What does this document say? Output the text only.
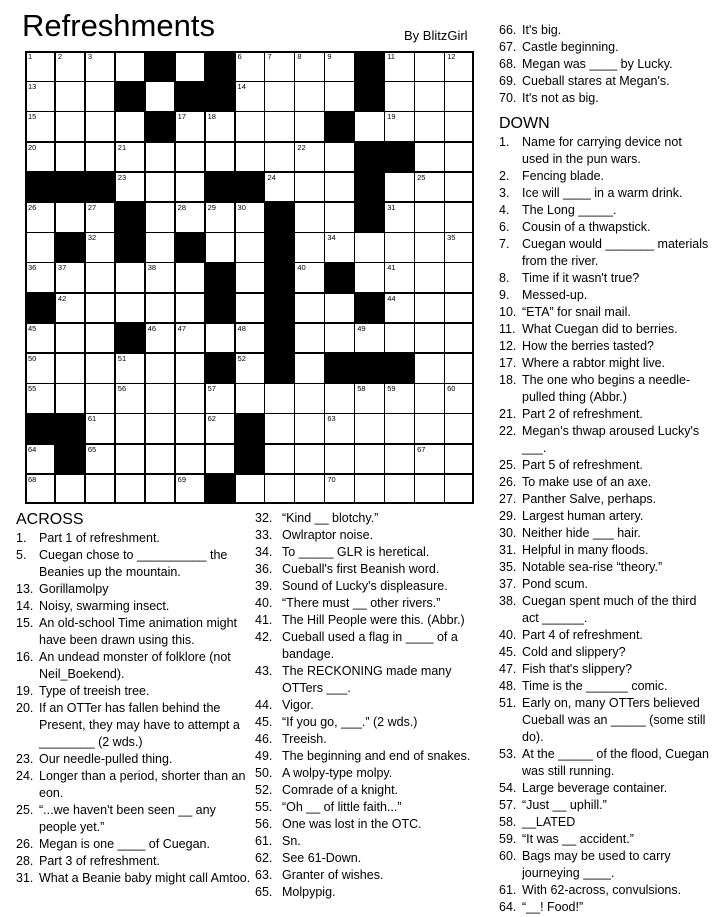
Refreshments	By BlitzGirl
1	2	3	4	5	6	7	8	9	10	11	12
13	14
15	16	17	18	19
20	21	22
23	24	25
26	27	28	29	30	31
32	33	34	35
36	37	38	39	40	41
42	43	44
45	46	47	48	49
50	51	52	53	54
55	56	57	58	59	60
61	62	63
64	65	66	67
68	69	70
ACROSS
1.	Part 1 of refreshment.
5.	Cuegan chose to __________ the Beanies up the mountain.
13. Gorillamolpy
14. Noisy, swarming insect.
15. An old-school Time animation might have been drawn using this.
16. An undead monster of folklore (not Neil_Boekend).
19. Type of treeish tree.
20. If an OTTer has fallen behind the Present, they may have to attempt a ________ (2 wds.)
23. Our needle-pulled thing.
24. Longer than a period, shorter than an eon.
25. “...we haven't been seen __ any people yet.”
26. Megan is one ____ of Cuegan.
28. Part 3 of refreshment.
31. What a Beanie baby might call Amtoo.
32. “Kind __ blotchy.”
33. Owlraptor noise.
34. To _____ GLR is heretical.
36. Cueball's first Beanish word.
39. Sound of Lucky's displeasure.
40. “There must __ other rivers.”
41. The Hill People were this. (Abbr.)
42. Cueball used a flag in ____ of a bandage.
43. The RECKONING made many OTTers ___.
44. Vigor.
45. “If you go, ___.” (2 wds.)
46. Treeish.
49. The beginning and end of snakes.
50. A wolpy-type molpy.
52. Comrade of a knight.
55. “Oh __ of little faith...”
56. One was lost in the OTC.
61. Sn.
62. See 61-Down.
63. Granter of wishes.
65. Molpypig.
66. It's big.
67. Castle beginning.
68. Megan was ____ by Lucky.
69. Cueball stares at Megan's.
70. It's not as big.
DOWN
1.	Name for carrying device not used in the pun wars.
2.	Fencing blade.
3.	Ice will ____ in a warm drink.
4.	The Long _____.
6.	Cousin of a thwapstick.
7.	Cuegan would _______ materials from the river.
8.	Time if it wasn't true?
9.	Messed-up.
10. “ETA” for snail mail.
11. What Cuegan did to berries.
12. How the berries tasted?
17. Where a rabtor might live.
18. The one who begins a needle-pulled thing (Abbr.)
21. Part 2 of refreshment.
22. Megan's thwap aroused Lucky's ___.
25. Part 5 of refreshment.
26. To make use of an axe.
27. Panther Salve, perhaps.
29. Largest human artery.
30. Neither hide ___ hair.
31. Helpful in many floods.
35. Notable sea-rise “theory.”
37. Pond scum.
38. Cuegan spent much of the third act ______.
40. Part 4 of refreshment.
45. Cold and slippery?
47. Fish that's slippery?
48. Time is the ______ comic.
51. Early on, many OTTers believed Cueball was an _____ (some still do).
53. At the _____ of the flood, Cuegan was still running.
54. Large beverage container.
57. “Just __ uphill.”
58. __LATED
59. “It was __ accident.”
60. Bags may be used to carry journeying ____.
61. With 62-across, convulsions.
64. “__! Food!”
